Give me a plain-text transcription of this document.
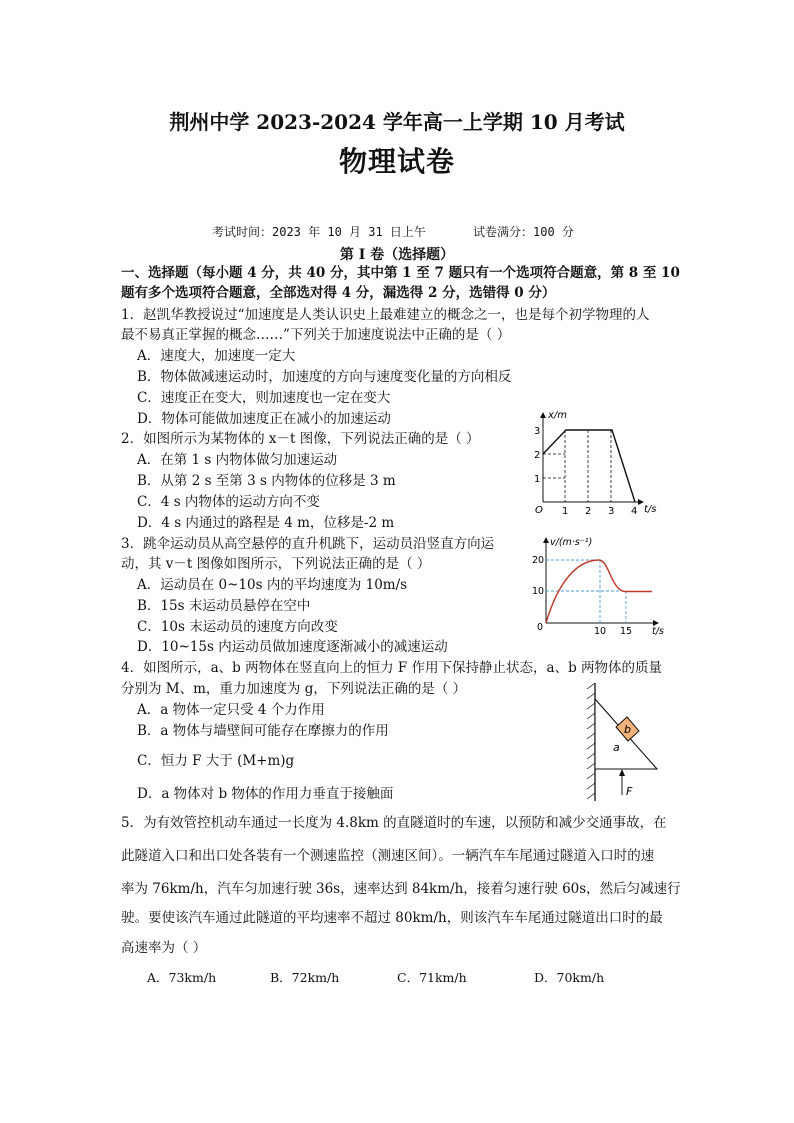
荆州中学 2023-2024 学年高一上学期 10 月考试
物理试卷
考试时间：2023 年 10 月 31 日上午	试卷满分：100 分
第 I 卷（选择题）
一、选择题（每小题 4 分，共 40 分，其中第 1 至 7 题只有一个选项符合题意，第 8 至 10
题有多个选项符合题意，全部选对得 4 分，漏选得 2 分，选错得 0 分）
1．赵凯华教授说过“加速度是人类认识史上最难建立的概念之一，也是每个初学物理的人
最不易真正掌握的概念……”下列关于加速度说法中正确的是（ ）
A．速度大，加速度一定大
B．物体做减速运动时，加速度的方向与速度变化量的方向相反
C．速度正在变大，则加速度也一定在变大
D．物体可能做加速度正在减小的加速运动
2．如图所示为某物体的 x－t 图像，下列说法正确的是（ ）
A．在第 1 s 内物体做匀加速运动
B．从第 2 s 至第 3 s 内物体的位移是 3 m
C．4 s 内物体的运动方向不变
D．4 s 内通过的路程是 4 m，位移是-2 m
x/m
t/s
O 1 2 3 4
1
2
3
3．跳伞运动员从高空悬停的直升机跳下，运动员沿竖直方向运
动，其 v－t 图像如图所示，下列说法正确的是（ ）
A．运动员在 0~10s 内的平均速度为 10m/s
B．15s 末运动员悬停在空中
C．10s 末运动员的速度方向改变
D．10~15s 内运动员做加速度逐渐减小的减速运动
v/(m·s⁻¹)
t/s
0	10 15
10
20
4．如图所示，a、b 两物体在竖直向上的恒力 F 作用下保持静止状态，a、b 两物体的质量
分别为 M、m，重力加速度为 g，下列说法正确的是（ ）
A．a 物体一定只受 4 个力作用
B．a 物体与墙壁间可能存在摩擦力的作用
C．恒力 F 大于 (M+m)g
D．a 物体对 b 物体的作用力垂直于接触面
b
a
F
5．为有效管控机动车通过一长度为 4.8km 的直隧道时的车速，以预防和减少交通事故，在
此隧道入口和出口处各装有一个测速监控（测速区间）。一辆汽车车尾通过隧道入口时的速
率为 76km/h，汽车匀加速行驶 36s，速率达到 84km/h，接着匀速行驶 60s，然后匀减速行
驶。要使该汽车通过此隧道的平均速率不超过 80km/h，则该汽车车尾通过隧道出口时的最
高速率为（ ）
A．73km/h	B．72km/h	C．71km/h	D．70km/h
